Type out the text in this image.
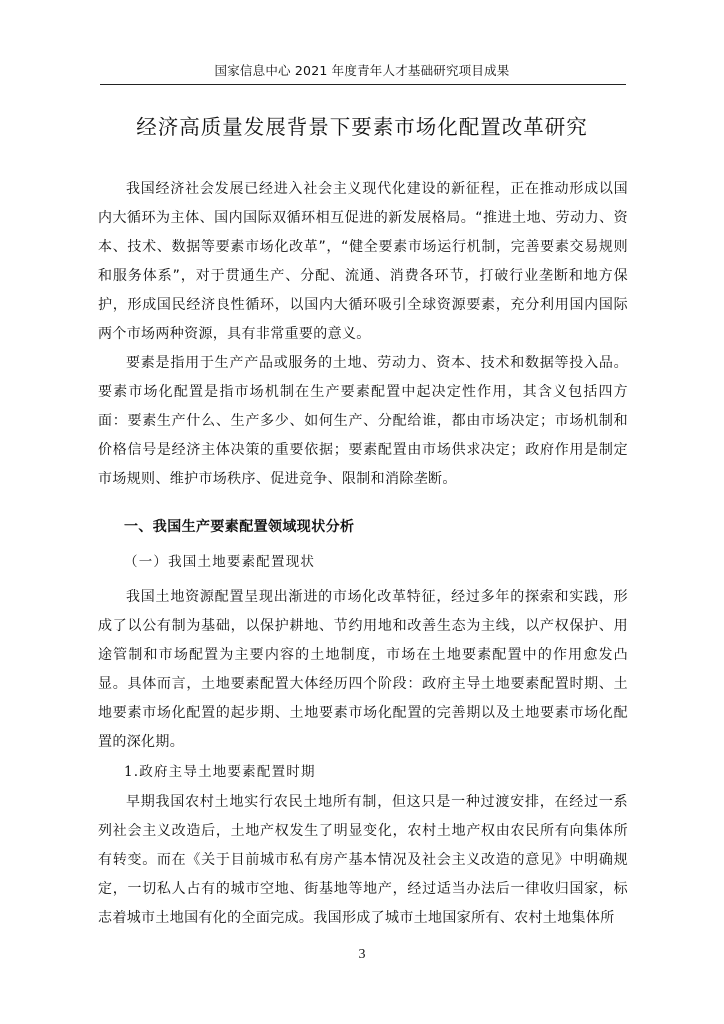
国家信息中心 2021 年度青年人才基础研究项目成果
经济高质量发展背景下要素市场化配置改革研究

我国经济社会发展已经进入社会主义现代化建设的新征程，正在推动形成以国内大循环为主体、国内国际双循环相互促进的新发展格局。“推进土地、劳动力、资本、技术、数据等要素市场化改革”，“健全要素市场运行机制，完善要素交易规则和服务体系”，对于贯通生产、分配、流通、消费各环节，打破行业垄断和地方保护，形成国民经济良性循环，以国内大循环吸引全球资源要素，充分利用国内国际两个市场两种资源，具有非常重要的意义。

要素是指用于生产产品或服务的土地、劳动力、资本、技术和数据等投入品。要素市场化配置是指市场机制在生产要素配置中起决定性作用，其含义包括四方面：要素生产什么、生产多少、如何生产、分配给谁，都由市场决定；市场机制和价格信号是经济主体决策的重要依据；要素配置由市场供求决定；政府作用是制定市场规则、维护市场秩序、促进竞争、限制和消除垄断。

一、我国生产要素配置领域现状分析
（一）我国土地要素配置现状

我国土地资源配置呈现出渐进的市场化改革特征，经过多年的探索和实践，形成了以公有制为基础，以保护耕地、节约用地和改善生态为主线，以产权保护、用途管制和市场配置为主要内容的土地制度，市场在土地要素配置中的作用愈发凸显。具体而言，土地要素配置大体经历四个阶段：政府主导土地要素配置时期、土地要素市场化配置的起步期、土地要素市场化配置的完善期以及土地要素市场化配置的深化期。

1.政府主导土地要素配置时期

早期我国农村土地实行农民土地所有制，但这只是一种过渡安排，在经过一系列社会主义改造后，土地产权发生了明显变化，农村土地产权由农民所有向集体所有转变。而在《关于目前城市私有房产基本情况及社会主义改造的意见》中明确规定，一切私人占有的城市空地、街基地等地产，经过适当办法后一律收归国家，标志着城市土地国有化的全面完成。我国形成了城市土地国家所有、农村土地集体所

3
